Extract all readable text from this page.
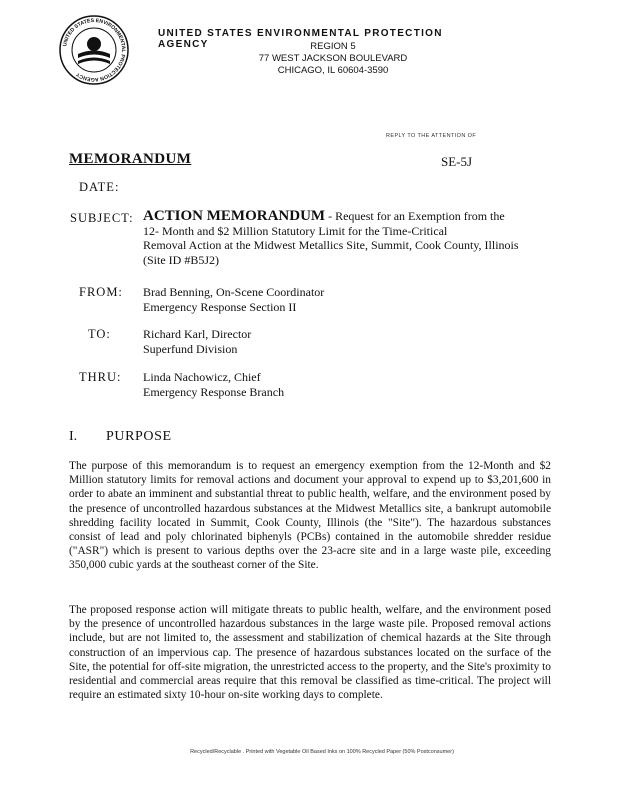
UNITED STATES ENVIRONMENTAL PROTECTION AGENCY
UNITED STATES ENVIRONMENTAL PROTECTION AGENCY	REGION 5
77 WEST JACKSON BOULEVARD
CHICAGO, IL 60604-3590
REPLY TO THE ATTENTION OF
MEMORANDUM	SE-5J
DATE:
SUBJECT: ACTION MEMORANDUM - Request for an Exemption from the
12- Month and $2 Million Statutory Limit for the Time-Critical
Removal Action at the Midwest Metallics Site, Summit, Cook County, Illinois
(Site ID #B5J2)
FROM: Brad Benning, On-Scene Coordinator
Emergency Response Section II
TO:	Richard Karl, Director
Superfund Division
THRU: Linda Nachowicz, Chief
Emergency Response Branch
I. PURPOSE

The purpose of this memorandum is to request an emergency exemption from the 12-Month and $2 Million statutory limits for removal actions and document your approval to expend up to $3,201,600 in order to abate an imminent and substantial threat to public health, welfare, and the environment posed by the presence of uncontrolled hazardous substances at the Midwest Metallics site, a bankrupt automobile shredding facility located in Summit, Cook County, Illinois (the "Site"). The hazardous substances consist of lead and poly chlorinated biphenyls (PCBs) contained in the automobile shredder residue ("ASR") which is present to various depths over the 23-acre site and in a large waste pile, exceeding 350,000 cubic yards at the southeast corner of the Site.

The proposed response action will mitigate threats to public health, welfare, and the environment posed by the presence of uncontrolled hazardous substances in the large waste pile. Proposed removal actions include, but are not limited to, the assessment and stabilization of chemical hazards at the Site through construction of an impervious cap. The presence of hazardous substances located on the surface of the Site, the potential for off-site migration, the unrestricted access to the property, and the Site's proximity to residential and commercial areas require that this removal be classified as time-critical. The project will require an estimated sixty 10-hour on-site working days to complete.

Recycled/Recyclable . Printed with Vegetable Oil Based Inks on 100% Recycled Paper (50% Postconsumer)
